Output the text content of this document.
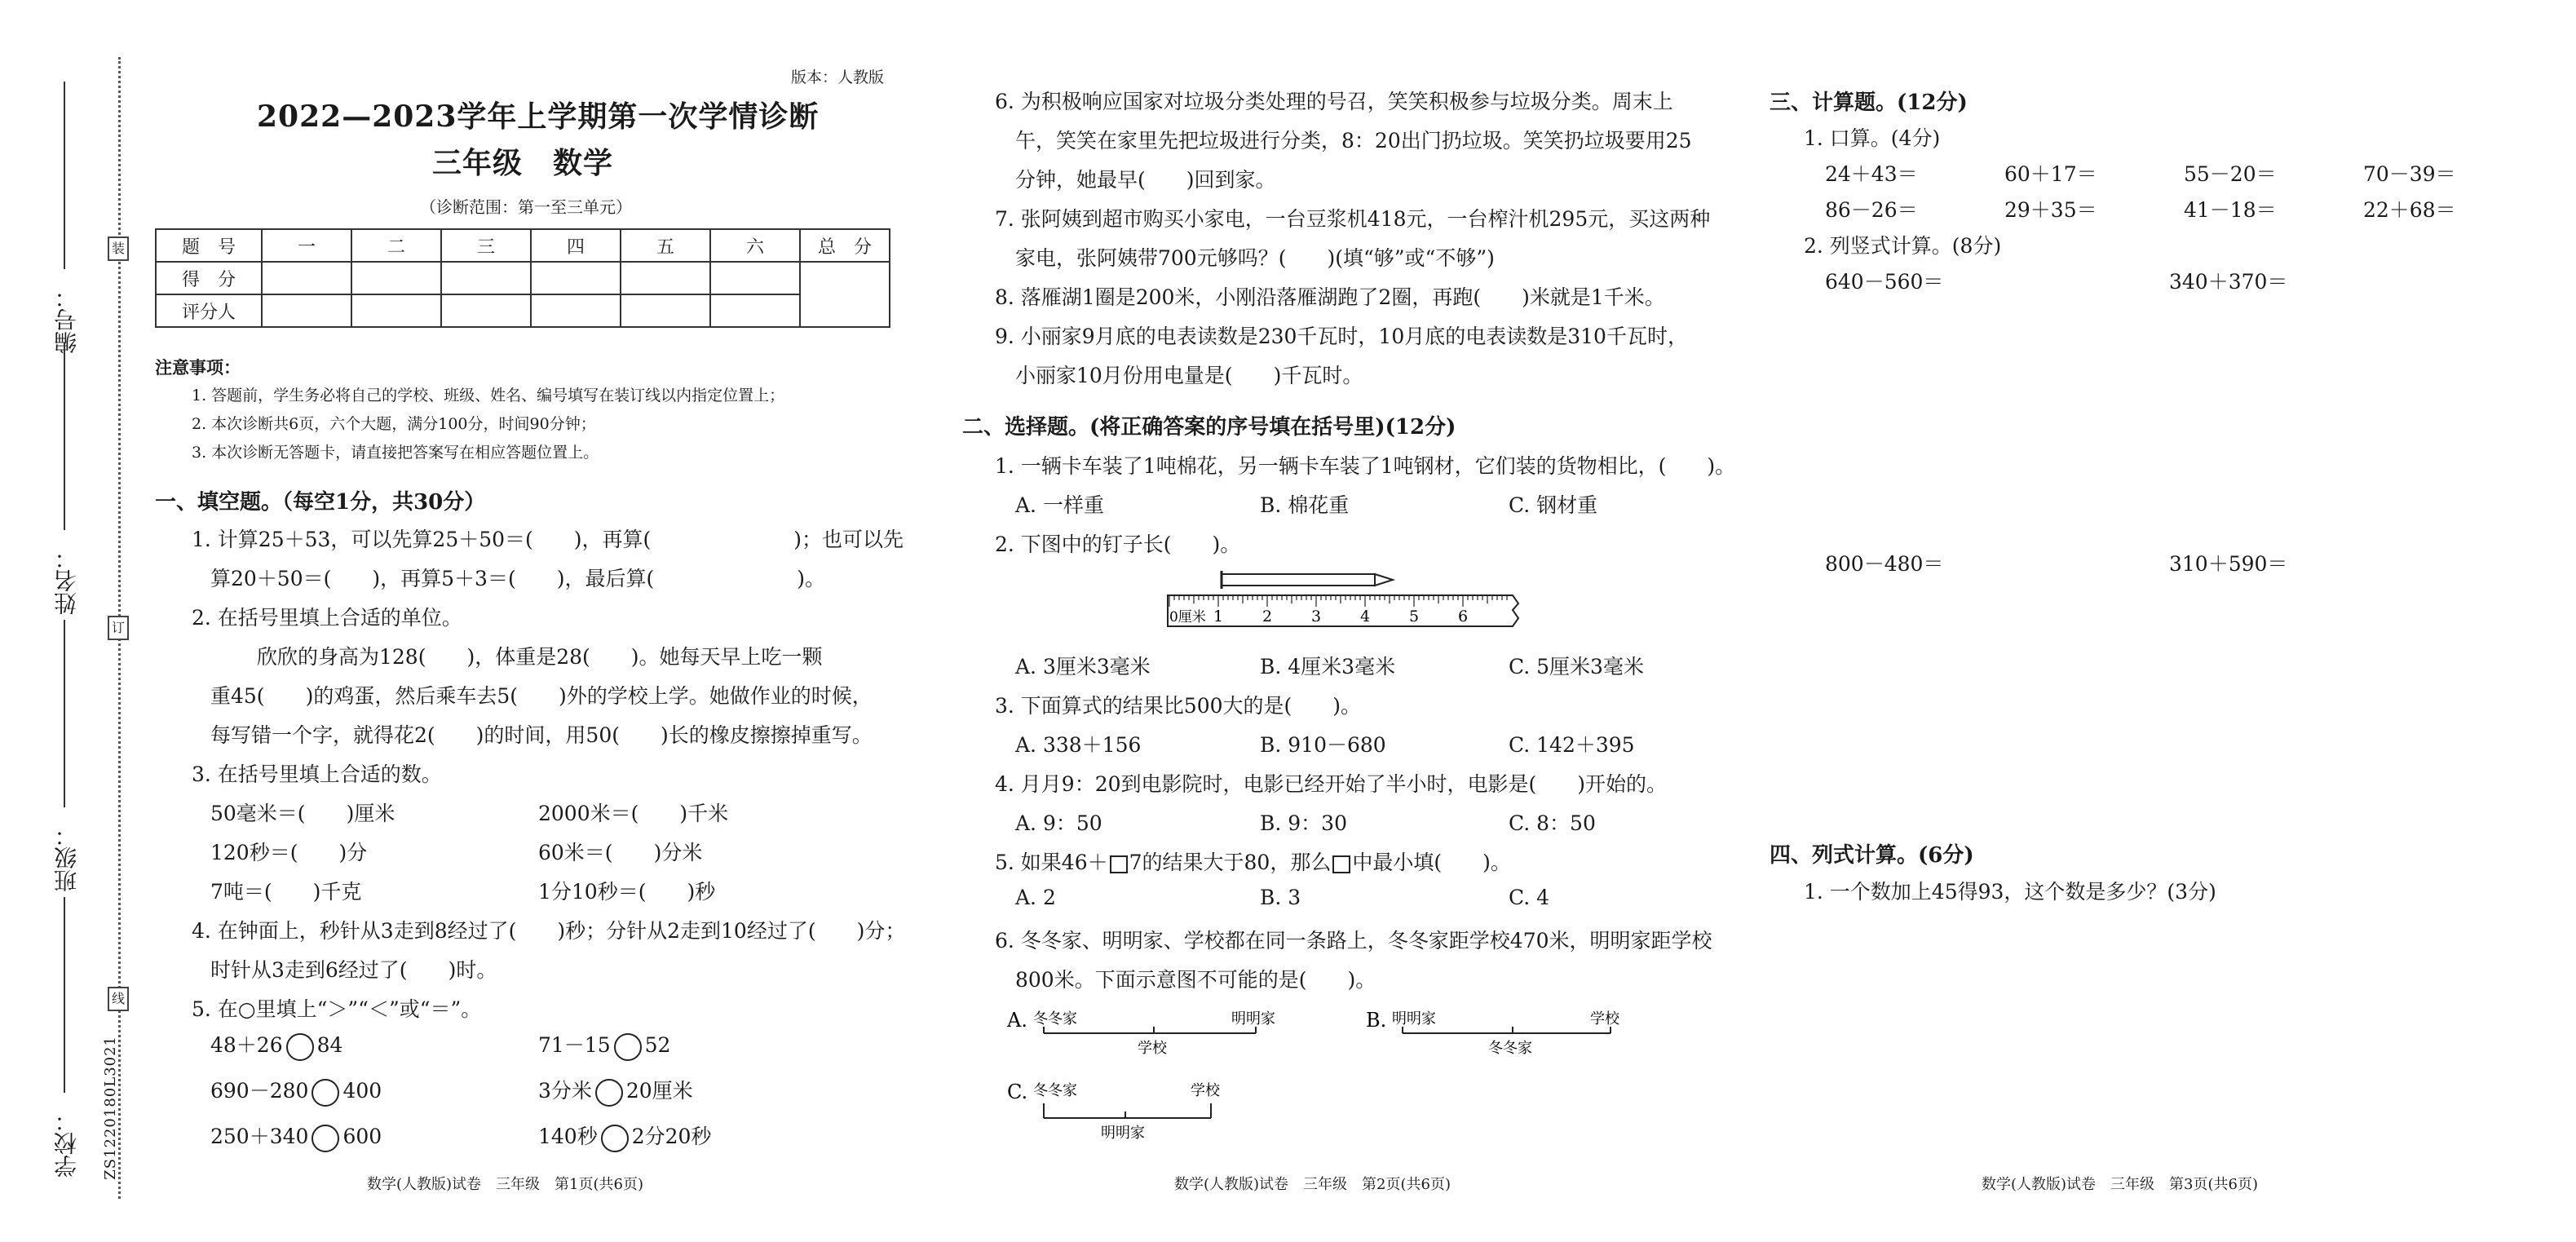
编号：
姓名：
班级：
学校：
装
订
线
ZS1220180L3021
版本：人教版
2022—2023学年上学期第一次学情诊断
三年级　数学
（诊断范围：第一至三单元）
题　号	一	二	三	四	五	六	总　分
得　分							
评分人							
注意事项：
1. 答题前，学生务必将自己的学校、班级、姓名、编号填写在装订线以内指定位置上；
2. 本次诊断共6页，六个大题，满分100分，时间90分钟；
3. 本次诊断无答题卡，请直接把答案写在相应答题位置上。
一、填空题。（每空1分，共30分）
1. 计算25＋53，可以先算25＋50＝(　　)，再算(　　　　　　　)；也可以先
算20＋50＝(　　)，再算5＋3＝(　　)，最后算(　　　　　　　)。
2. 在括号里填上合适的单位。
欣欣的身高为128(　　)，体重是28(　　)。她每天早上吃一颗
重45(　　)的鸡蛋，然后乘车去5(　　)外的学校上学。她做作业的时候，
每写错一个字，就得花2(　　)的时间，用50(　　)长的橡皮擦擦掉重写。
3. 在括号里填上合适的数。
50毫米＝(　　)厘米	2000米＝(　　)千米
120秒＝(　　)分	60米＝(　　)分米
7吨＝(　　)千克	1分10秒＝(　　)秒
4. 在钟面上，秒针从3走到8经过了(　　)秒；分针从2走到10经过了(　　)分；
时针从3走到6经过了(　　)时。
5. 在○里填上“＞”“＜”或“＝”。
48＋26 84	71－15 52
690－280 400	3分米 20厘米
250＋340 600	140秒 2分20秒
数学(人教版)试卷　三年级　第1页(共6页)
6. 为积极响应国家对垃圾分类处理的号召，笑笑积极参与垃圾分类。周末上
午，笑笑在家里先把垃圾进行分类，8：20出门扔垃圾。笑笑扔垃圾要用25
分钟，她最早(　　)回到家。
7. 张阿姨到超市购买小家电，一台豆浆机418元，一台榨汁机295元，买这两种
家电，张阿姨带700元够吗？(　　)(填“够”或“不够”)
8. 落雁湖1圈是200米，小刚沿落雁湖跑了2圈，再跑(　　)米就是1千米。
9. 小丽家9月底的电表读数是230千瓦时，10月底的电表读数是310千瓦时，
小丽家10月份用电量是(　　)千瓦时。
二、选择题。(将正确答案的序号填在括号里)(12分)
1. 一辆卡车装了1吨棉花，另一辆卡车装了1吨钢材，它们装的货物相比，(　　)。
A. 一样重	B. 棉花重	C. 钢材重
2. 下图中的钉子长(　　)。
0厘米 1	2	3	4	5	6
A. 3厘米3毫米	B. 4厘米3毫米	C. 5厘米3毫米
3. 下面算式的结果比500大的是(　　)。
A. 338＋156	B. 910－680	C. 142＋395
4. 月月9：20到电影院时，电影已经开始了半小时，电影是(　　)开始的。
A. 9：50	B. 9：30	C. 8：50
5. 如果46＋ 7的结果大于80，那么 中最小填(　　)。
A. 2	B. 3	C. 4
6. 冬冬家、明明家、学校都在同一条路上，冬冬家距学校470米，明明家距学校
800米。下面示意图不可能的是(　　)。
A. 冬冬家	明明家
学校
B. 明明家	学校
冬冬家
C. 冬冬家	学校
明明家
数学(人教版)试卷　三年级　第2页(共6页)
三、计算题。(12分)
1. 口算。(4分)
24＋43＝	60＋17＝	55－20＝	70－39＝
86－26＝	29＋35＝	41－18＝	22＋68＝
2. 列竖式计算。(8分)
640－560＝	340＋370＝
800－480＝	310＋590＝
四、列式计算。(6分)
1. 一个数加上45得93，这个数是多少？(3分)
数学(人教版)试卷　三年级　第3页(共6页)
